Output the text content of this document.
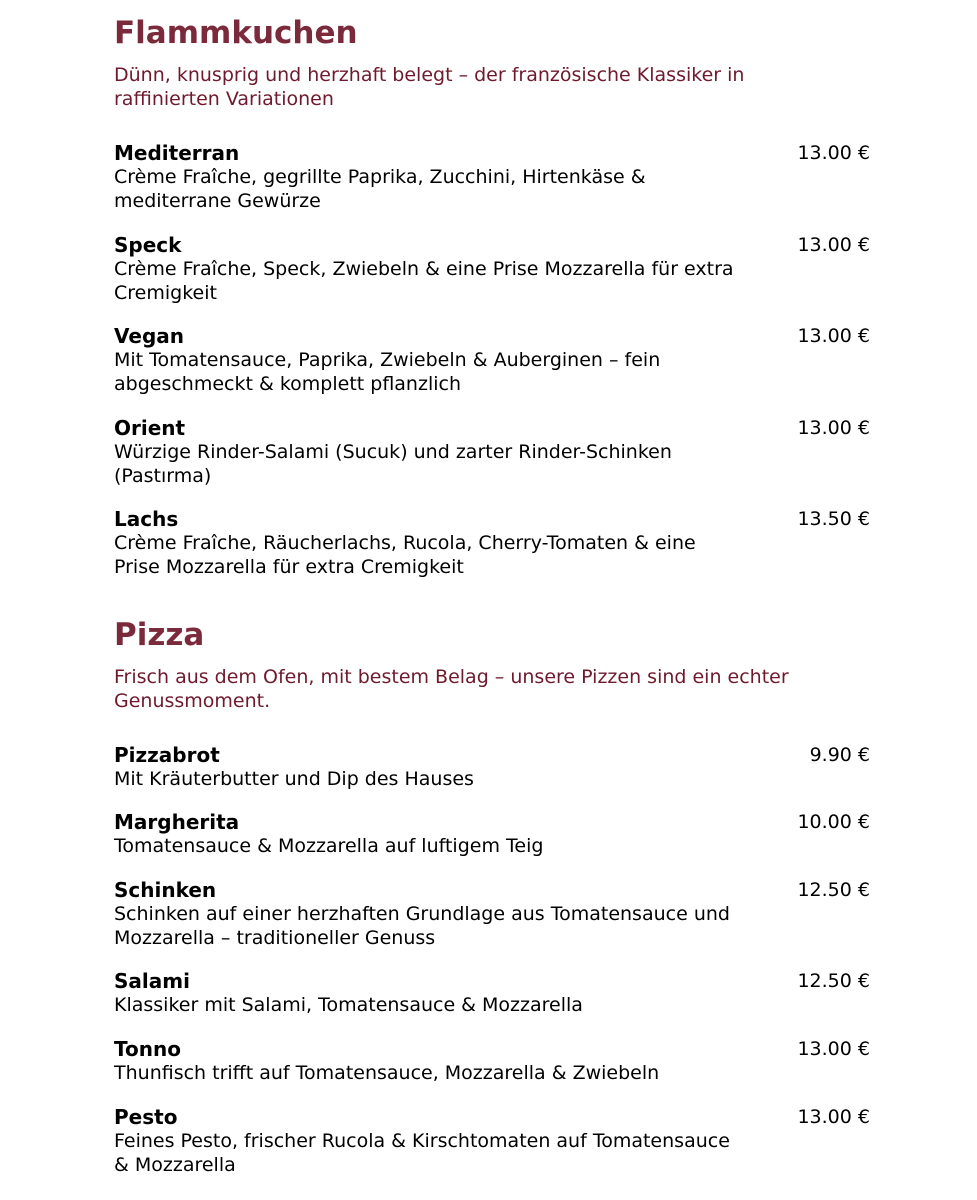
Flammkuchen

Dünn, knusprig und herzhaft belegt – der französische Klassiker in raffinierten Variationen

Mediterran
Crème Fraîche, gegrillte Paprika, Zucchini, Hirtenkäse & mediterrane Gewürze
13.00 €
Speck
Crème Fraîche, Speck, Zwiebeln & eine Prise Mozzarella für extra Cremigkeit
13.00 €
Vegan
Mit Tomatensauce, Paprika, Zwiebeln & Auberginen – fein abgeschmeckt & komplett pflanzlich
13.00 €
Orient
Würzige Rinder-Salami (Sucuk) und zarter Rinder-Schinken (Pastırma)
13.00 €
Lachs
Crème Fraîche, Räucherlachs, Rucola, Cherry-Tomaten & eine Prise Mozzarella für extra Cremigkeit
13.50 €
Pizza

Frisch aus dem Ofen, mit bestem Belag – unsere Pizzen sind ein echter Genussmoment.

Pizzabrot
Mit Kräuterbutter und Dip des Hauses
9.90 €
Margherita
Tomatensauce & Mozzarella auf luftigem Teig
10.00 €
Schinken
Schinken auf einer herzhaften Grundlage aus Tomatensauce und Mozzarella – traditioneller Genuss
12.50 €
Salami
Klassiker mit Salami, Tomatensauce & Mozzarella
12.50 €
Tonno
Thunfisch trifft auf Tomatensauce, Mozzarella & Zwiebeln
13.00 €
Pesto
Feines Pesto, frischer Rucola & Kirschtomaten auf Tomatensauce & Mozzarella
13.00 €
